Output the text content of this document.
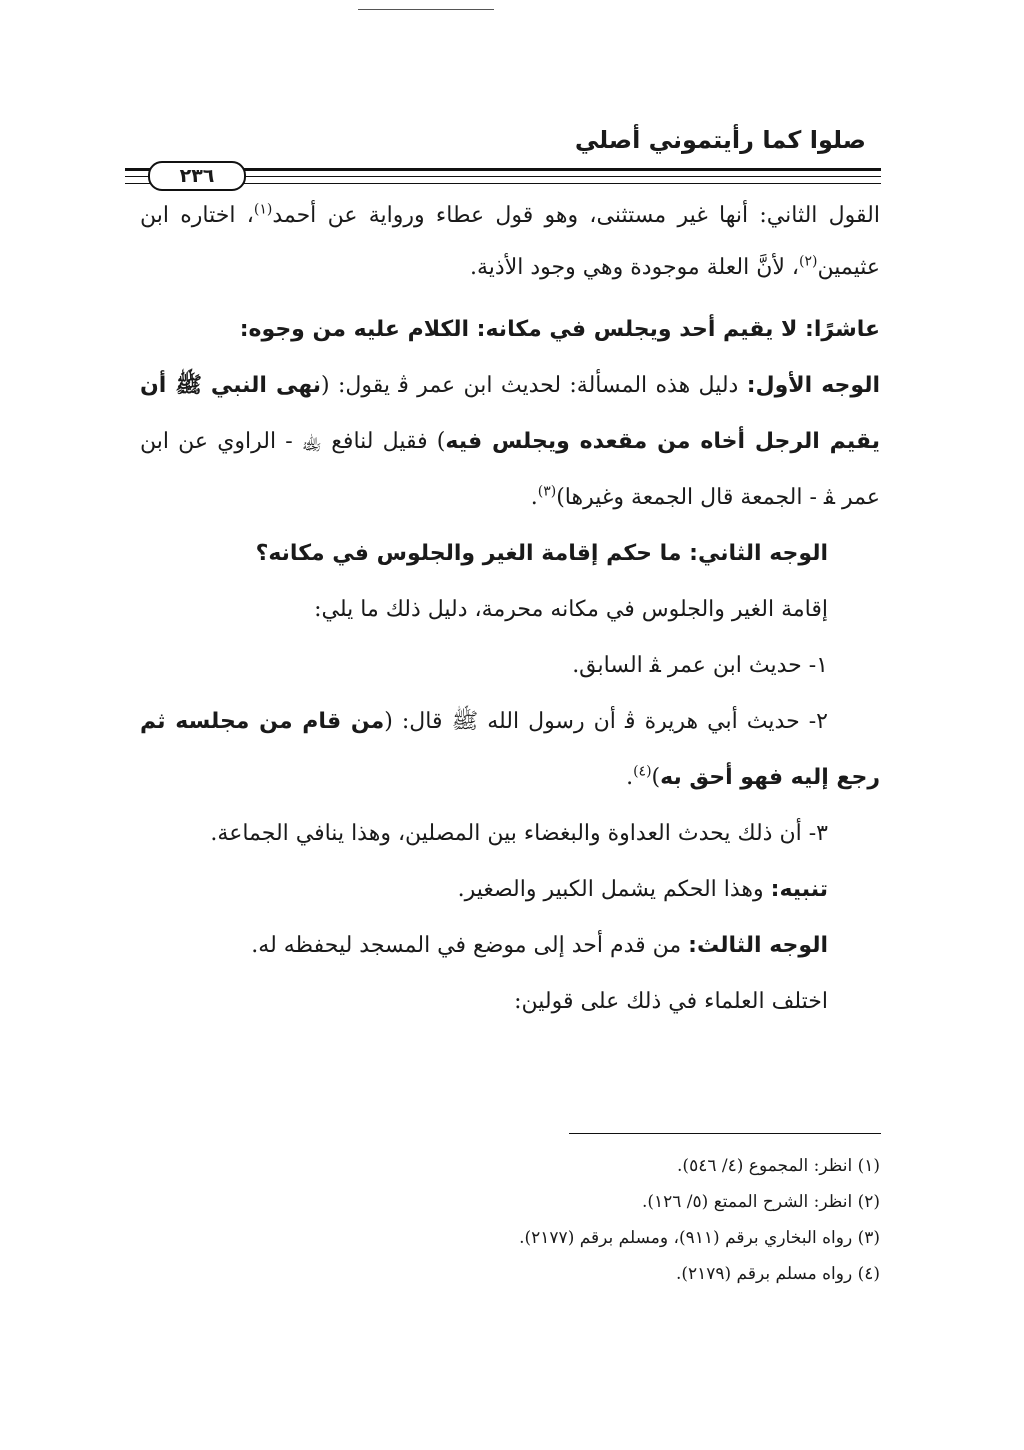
صلوا كما رأيتموني أصلي
٢٣٦

القول الثاني: أنها غير مستثنى، وهو قول عطاء ورواية عن أحمد$^{(١)}$، اختاره ابن عثيمين$^{(٢)}$، لأنَّ العلة موجودة وهي وجود الأذية.

عاشرًا: لا يقيم أحد ويجلس في مكانه: الكلام عليه من وجوه:

الوجه الأول: دليل هذه المسألة: لحديث ابن عمر ﭬ يقول: (نهى النبي ﷺ أن يقيم الرجل أخاه من مقعده ويجلس فيه) فقيل لنافع ﵀ - الراوي عن ابن عمر ﭭ - الجمعة قال الجمعة وغيرها)$^{(٣)}$.

الوجه الثاني: ما حكم إقامة الغير والجلوس في مكانه؟

إقامة الغير والجلوس في مكانه محرمة، دليل ذلك ما يلي:

١- حديث ابن عمر ﭭ السابق.

٢- حديث أبي هريرة ﭬ أن رسول الله ﷺ قال: (من قام من مجلسه ثم رجع إليه فهو أحق به)$^{(٤)}$.

٣- أن ذلك يحدث العداوة والبغضاء بين المصلين، وهذا ينافي الجماعة.

تنبيه: وهذا الحكم يشمل الكبير والصغير.

الوجه الثالث: من قدم أحد إلى موضع في المسجد ليحفظه له.

اختلف العلماء في ذلك على قولين:

(١) انظر: المجموع (٤/ ٥٤٦).

(٢) انظر: الشرح الممتع (٥/ ١٢٦).

(٣) رواه البخاري برقم (٩١١)، ومسلم برقم (٢١٧٧).

(٤) رواه مسلم برقم (٢١٧٩).
